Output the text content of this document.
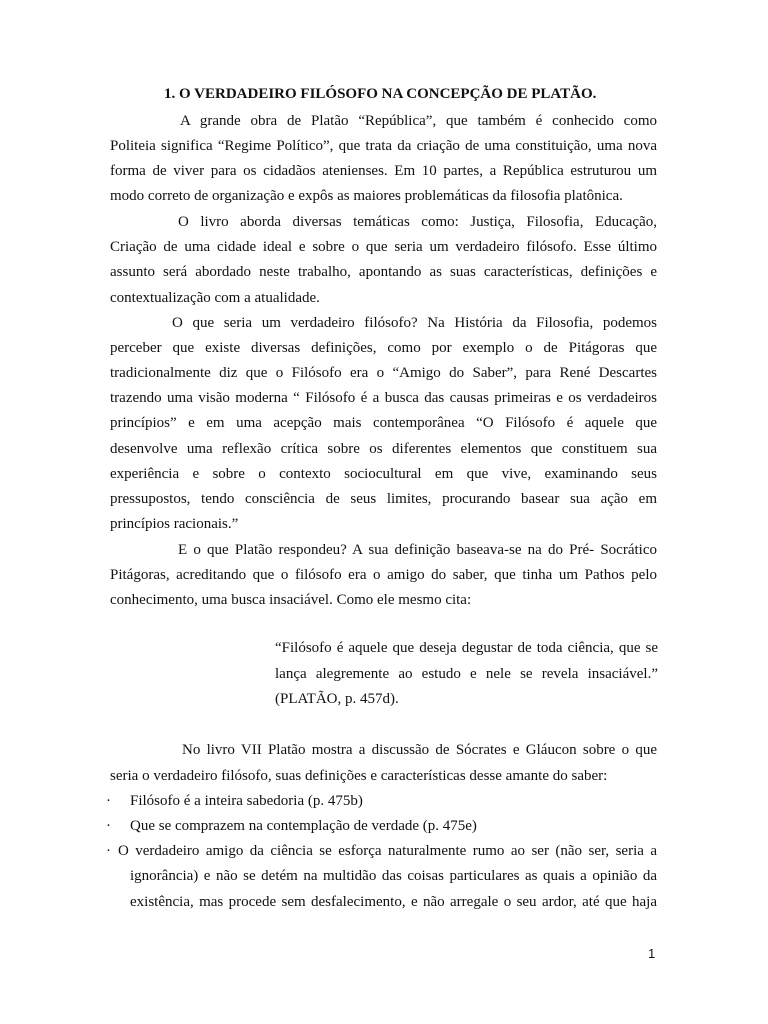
1. O VERDADEIRO FILÓSOFO NA CONCEPÇÃO DE PLATÃO.
A grande obra de Platão “República”, que também é conhecido como
Politeia significa “Regime Político”, que trata da criação de uma constituição, uma nova
forma de viver para os cidadãos atenienses. Em 10 partes, a República estruturou um
modo correto de organização e expôs as maiores problemáticas da filosofia platônica.
O livro aborda diversas temáticas como: Justiça, Filosofia, Educação,
Criação de uma cidade ideal e sobre o que seria um verdadeiro filósofo. Esse último
assunto será abordado neste trabalho, apontando as suas características, definições e
contextualização com a atualidade.
O que seria um verdadeiro filósofo? Na História da Filosofia, podemos
perceber que existe diversas definições, como por exemplo o de Pitágoras que
tradicionalmente diz que o Filósofo era o “Amigo do Saber”, para René Descartes
trazendo uma visão moderna “ Filósofo é a busca das causas primeiras e os verdadeiros
princípios” e em uma acepção mais contemporânea “O Filósofo é aquele que
desenvolve uma reflexão crítica sobre os diferentes elementos que constituem sua
experiência e sobre o contexto sociocultural em que vive, examinando seus
pressupostos, tendo consciência de seus limites, procurando basear sua ação em
princípios racionais.”
E o que Platão respondeu? A sua definição baseava-se na do Pré- Socrático
Pitágoras, acreditando que o filósofo era o amigo do saber, que tinha um Pathos pelo
conhecimento, uma busca insaciável. Como ele mesmo cita:
“Filósofo é aquele que deseja degustar de toda ciência, que se
lança alegremente ao estudo e nele se revela insaciável.”
(PLATÃO, p. 457d).
No livro VII Platão mostra a discussão de Sócrates e Gláucon sobre o que
seria o verdadeiro filósofo, suas definições e características desse amante do saber:
· Filósofo é a inteira sabedoria (p. 475b)
· Que se comprazem na contemplação de verdade (p. 475e)
· O verdadeiro amigo da ciência se esforça naturalmente rumo ao ser (não ser, seria a
ignorância) e não se detém na multidão das coisas particulares as quais a opinião da
existência, mas procede sem desfalecimento, e não arregale o seu ardor, até que haja
1
